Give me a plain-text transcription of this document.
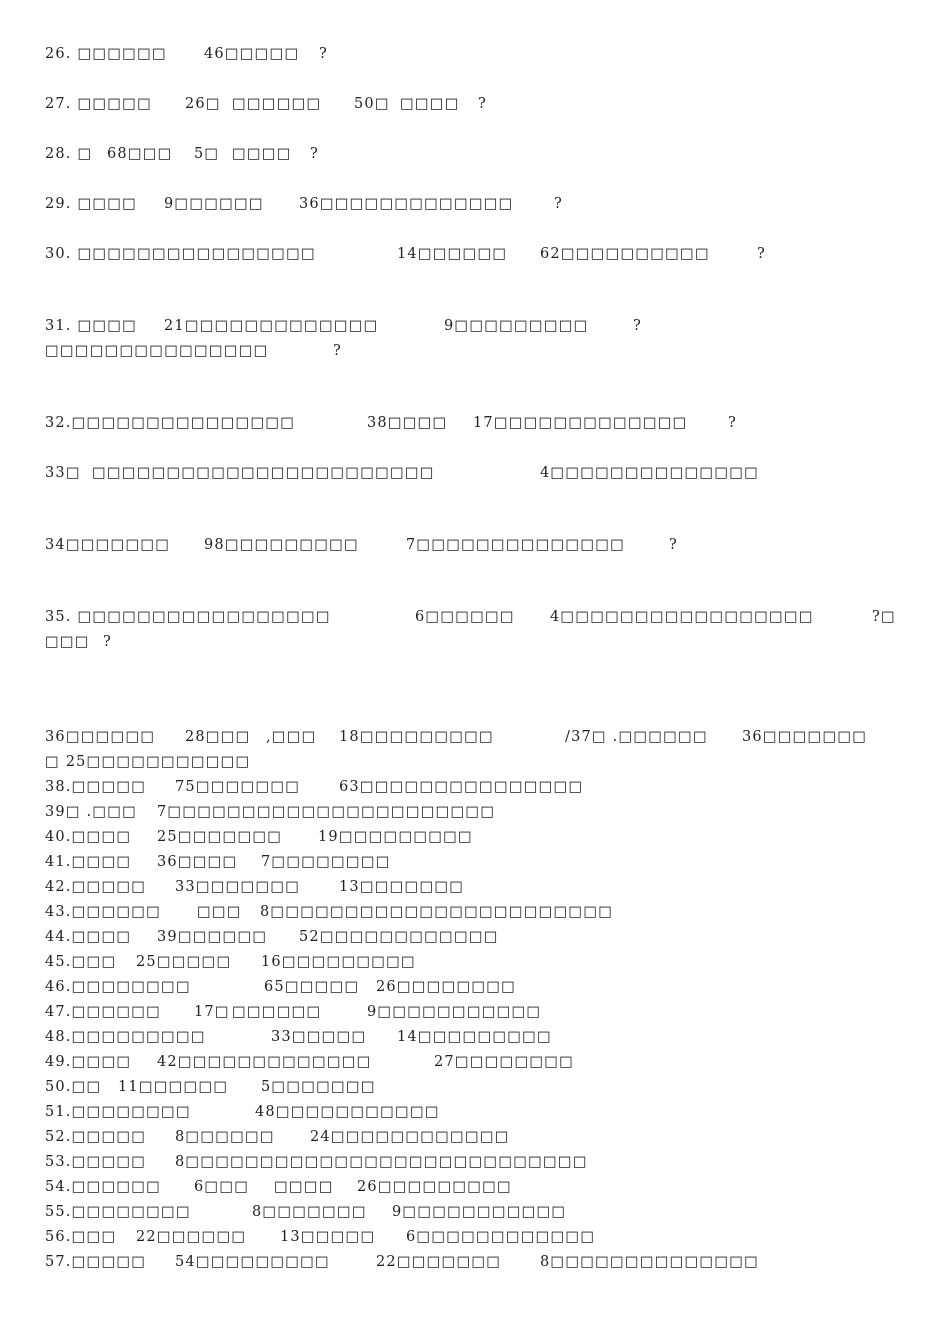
26. □□□□□□	46□□□□□ ?
27. □□□□□ 26□ □□□□□□ 50□ □□□□ ?
28. □ 68□□□ 5□ □□□□ ?
29. □□□□ 9□□□□□□ 36□□□□□□□□□□□□□	?
30. □□□□□□□□□□□□□□□□	14□□□□□□ 62□□□□□□□□□□	?
31. □□□□ 21□□□□□□□□□□□□□	9□□□□□□□□□	?
□□□□□□□□□□□□□□□	?
32.□□□□□□□□□□□□□□□	38□□□□ 17□□□□□□□□□□□□□	?
33□ □□□□□□□□□□□□□□□□□□□□□□□	4□□□□□□□□□□□□□□
34□□□□□□□ 98□□□□□□□□□	7□□□□□□□□□□□□□□	?
35. □□□□□□□□□□□□□□□□□	6□□□□□□ 4□□□□□□□□□□□□□□□□□	?□
□□□ ?
36□□□□□□ 28□□□ ,□□□ 18□□□□□□□□□	/37□ .□□□□□□ 36□□□□□□□
□ 25□□□□□□□□□□□
38.□□□□□ 75□□□□□□□	63□□□□□□□□□□□□□□□
39□ .□□□ 7□□□□□□□□□□□□□□□□□□□□□□
40.□□□□ 25□□□□□□□ 19□□□□□□□□□
41.□□□□ 36□□□□ 7□□□□□□□□
42.□□□□□ 33□□□□□□□	13□□□□□□□
43.□□□□□□ □□□ 8□□□□□□□□□□□□□□□□□□□□□□□
44.□□□□ 39□□□□□□ 52□□□□□□□□□□□□
45.□□□ 25□□□□□ 16□□□□□□□□□
46.□□□□□□□□	65□□□□□ 26□□□□□□□□
47.□□□□□□ 17□ □□□□□□	9□□□□□□□□□□□
48.□□□□□□□□□	33□□□□□ 14□□□□□□□□□
49.□□□□ 42□□□□□□□□□□□□□	27□□□□□□□□
50.□□ 11□□□□□□ 5□□□□□□□
51.□□□□□□□□	48□□□□□□□□□□□
52.□□□□□ 8□□□□□□ 24□□□□□□□□□□□□
53.□□□□□ 8□□□□□□□□□□□□□□□□□□□□□□□□□□□
54.□□□□□□ 6□□□ □□□□ 26□□□□□□□□□
55.□□□□□□□□	8□□□□□□□ 9□□□□□□□□□□□
56.□□□ 22□□□□□□ 13□□□□□ 6□□□□□□□□□□□□
57.□□□□□ 54□□□□□□□□□	22□□□□□□□	8□□□□□□□□□□□□□□
